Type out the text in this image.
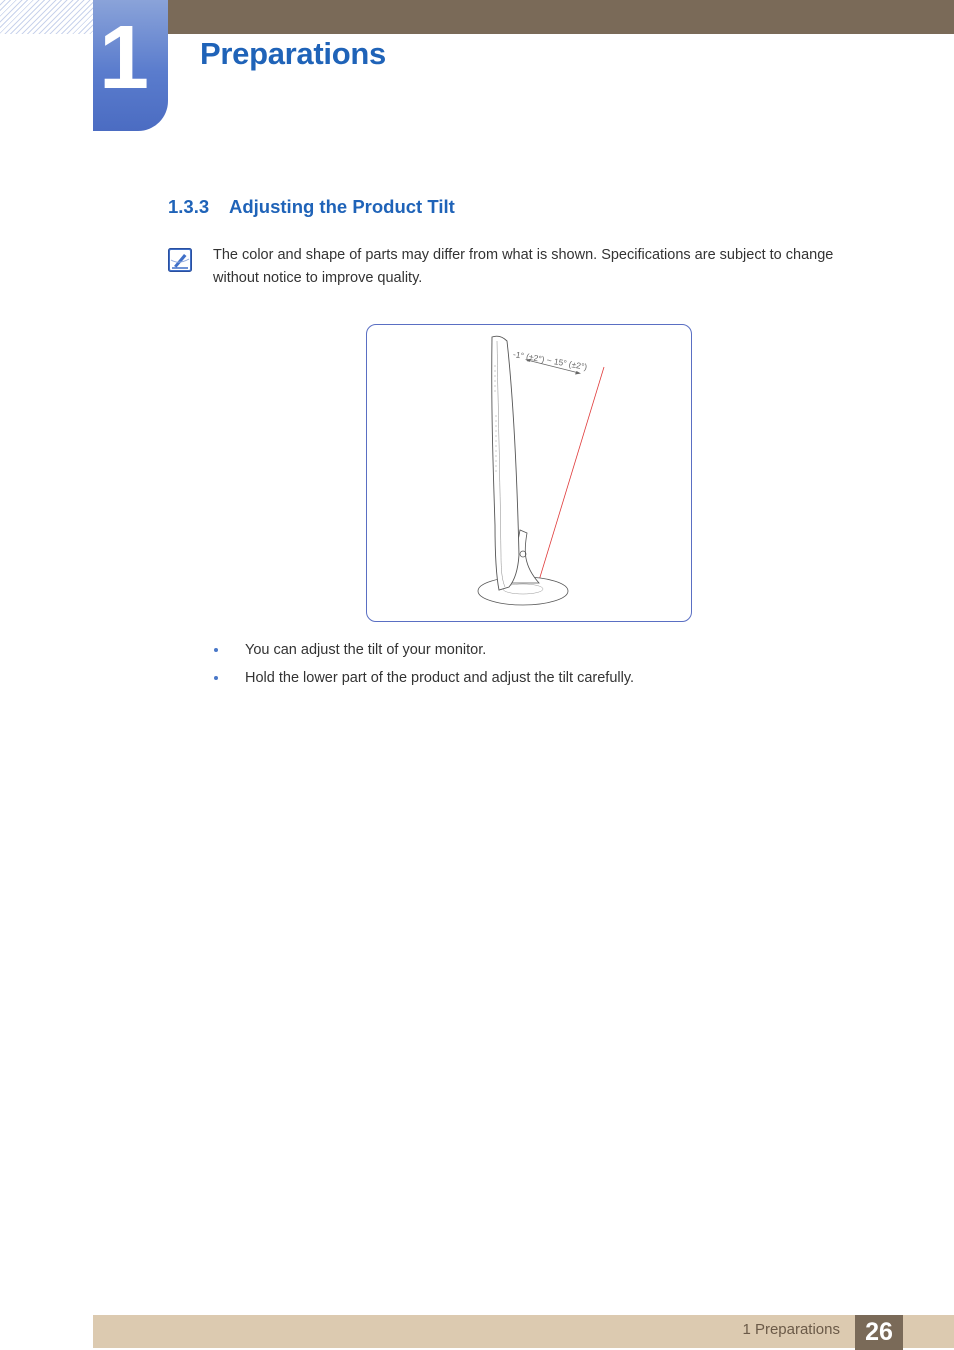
1 Preparations
1.3.3 Adjusting the Product Tilt
The color and shape of parts may differ from what is shown. Specifications are subject to change without notice to improve quality.
-1° (±2°) ~ 15° (±2°)
You can adjust the tilt of your monitor.
Hold the lower part of the product and adjust the tilt carefully.
1 Preparations	26
